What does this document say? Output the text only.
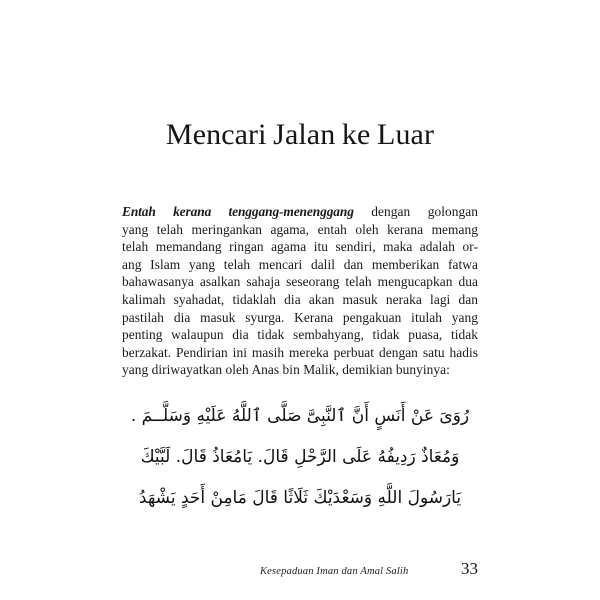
Mencari Jalan ke Luar
Entah kerana tenggang-menenggang dengan golongan
yang telah meringankan agama, entah oleh kerana memang
telah memandang ringan agama itu sendiri, maka adalah or-
ang Islam yang telah mencari dalil dan memberikan fatwa
bahawasanya asalkan sahaja seseorang telah mengucapkan dua
kalimah syahadat, tidaklah dia akan masuk neraka lagi dan
pastilah dia masuk syurga. Kerana pengakuan itulah yang
penting walaupun dia tidak sembahyang, tidak puasa, tidak
berzakat. Pendirian ini masih mereka perbuat dengan satu hadis
yang diriwayatkan oleh Anas bin Malik, demikian bunyinya:
رُوَىَ عَنْ أَنَسٍ أَنَّ ٱلنَّبِىَّ صَلَّى ٱللَّهُ عَلَيْهِ وَسَلَّــمَ .
وَمُعَاذٌ رَدِيفُهُ عَلَى الرَّحْلِ قَالَ. يَامُعَاذُ قَالَ. لَبَّيْكَ
يَارَسُولَ اللَّهِ وَسَعْدَيْكَ ثَلَاثًا قَالَ مَامِنْ أَحَدٍ يَشْهَدُ
Kesepaduan Iman dan Amal Salih	33
